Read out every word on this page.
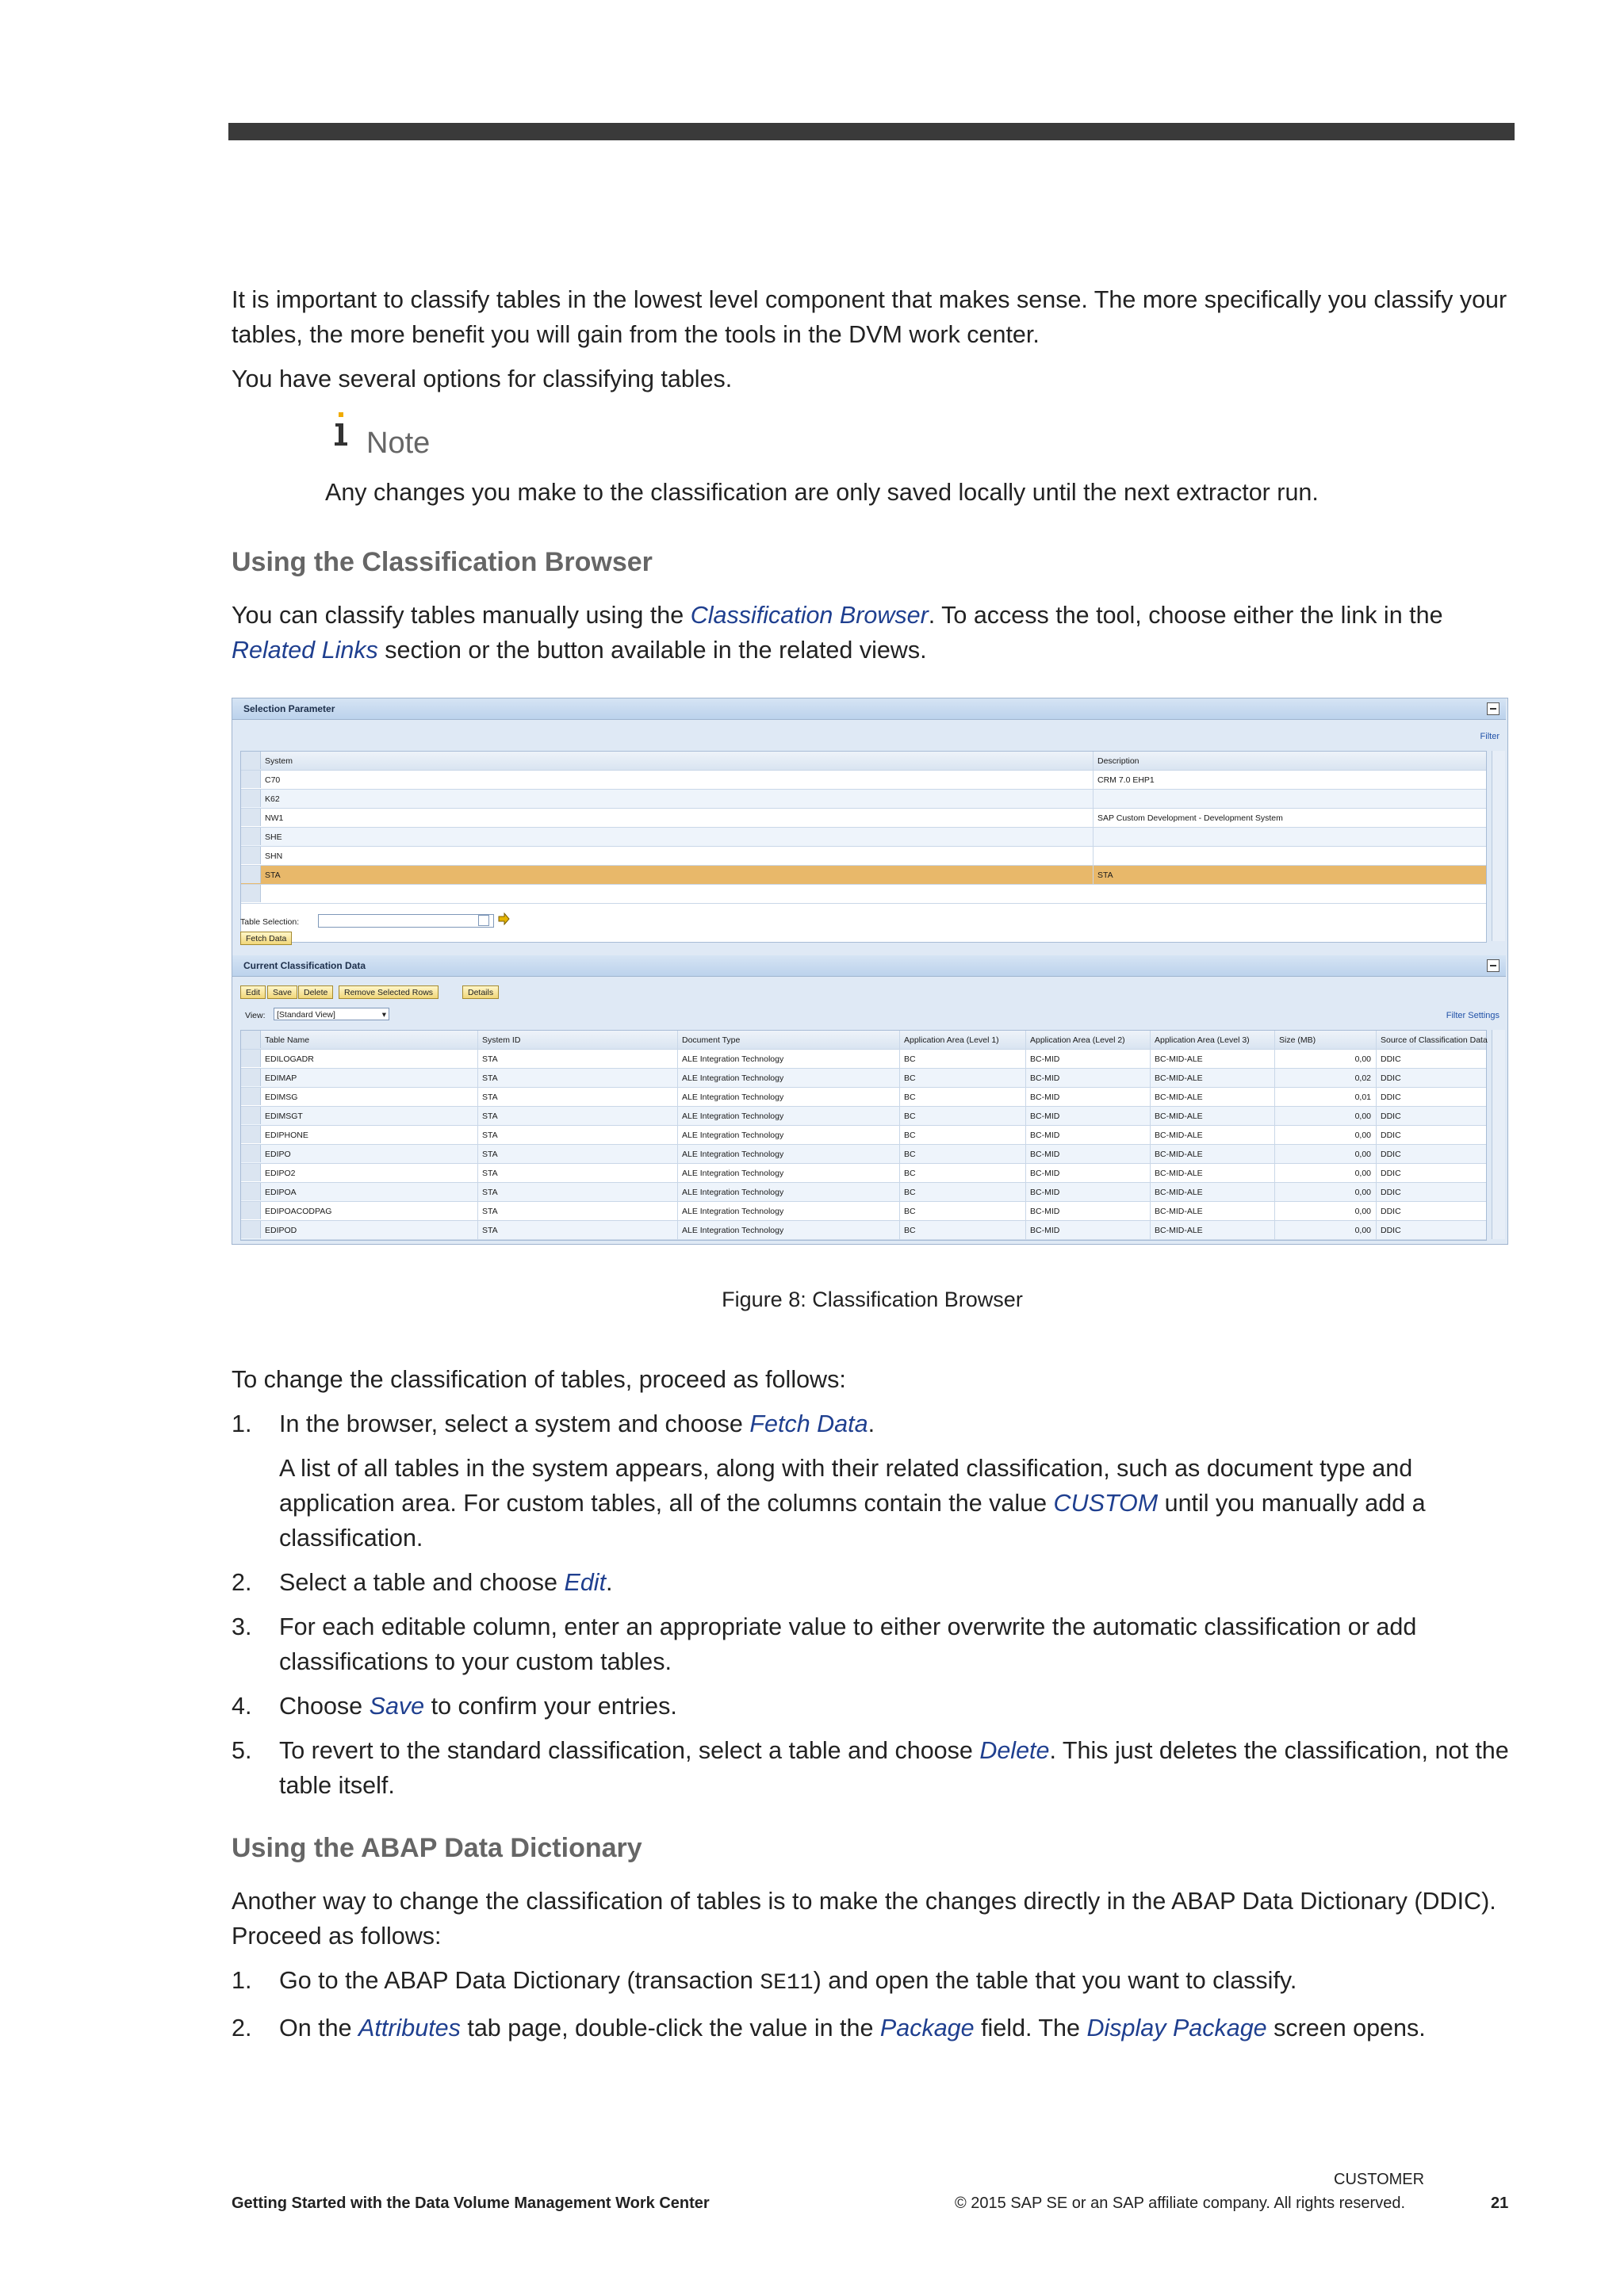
It is important to classify tables in the lowest level component that makes sense. The more specifically you classify your tables, the more benefit you will gain from the tools in the DVM work center.

You have several options for classifying tables.

Note
Any changes you make to the classification are only saved locally until the next extractor run.
Using the Classification Browser

You can classify tables manually using the Classification Browser. To access the tool, choose either the link in the Related Links section or the button available in the related views.

Selection Parameter
Filter
System	Description
C70	CRM 7.0 EHP1
K62
NW1	SAP Custom Development - Development System
SHE
SHN
STA	STA
Table Selection:
Fetch Data
Current Classification Data
Edit	Save	Delete	Remove Selected Rows	Details
View:	[Standard View]	▾	Filter Settings
Table Name	System ID	Document Type	Application Area (Level 1)	Application Area (Level 2)	Application Area (Level 3)	Size (MB)	Source of Classification Data
EDILOGADR	STA	ALE Integration Technology	BC	BC-MID	BC-MID-ALE	0,00 DDIC
EDIMAP	STA	ALE Integration Technology	BC	BC-MID	BC-MID-ALE	0,02 DDIC
EDIMSG	STA	ALE Integration Technology	BC	BC-MID	BC-MID-ALE	0,01 DDIC
EDIMSGT	STA	ALE Integration Technology	BC	BC-MID	BC-MID-ALE	0,00 DDIC
EDIPHONE	STA	ALE Integration Technology	BC	BC-MID	BC-MID-ALE	0,00 DDIC
EDIPO	STA	ALE Integration Technology	BC	BC-MID	BC-MID-ALE	0,00 DDIC
EDIPO2	STA	ALE Integration Technology	BC	BC-MID	BC-MID-ALE	0,00 DDIC
EDIPOA	STA	ALE Integration Technology	BC	BC-MID	BC-MID-ALE	0,00 DDIC
EDIPOACODPAG	STA	ALE Integration Technology	BC	BC-MID	BC-MID-ALE	0,00 DDIC
EDIPOD	STA	ALE Integration Technology	BC	BC-MID	BC-MID-ALE	0,00 DDIC
Figure 8: Classification Browser
To change the classification of tables, proceed as follows:
1. In the browser, select a system and choose Fetch Data.
A list of all tables in the system appears, along with their related classification, such as document type and application area. For custom tables, all of the columns contain the value CUSTOM until you manually add a classification.
2. Select a table and choose Edit.
3. For each editable column, enter an appropriate value to either overwrite the automatic classification or add classifications to your custom tables.
4. Choose Save to confirm your entries.
5. To revert to the standard classification, select a table and choose Delete. This just deletes the classification, not the table itself.
Using the ABAP Data Dictionary
Another way to change the classification of tables is to make the changes directly in the ABAP Data Dictionary (DDIC). Proceed as follows:
1. Go to the ABAP Data Dictionary (transaction SE11) and open the table that you want to classify.
2. On the Attributes tab page, double-click the value in the Package field. The Display Package screen opens.
CUSTOMER
Getting Started with the Data Volume Management Work Center	© 2015 SAP SE or an SAP affiliate company. All rights reserved.	21
